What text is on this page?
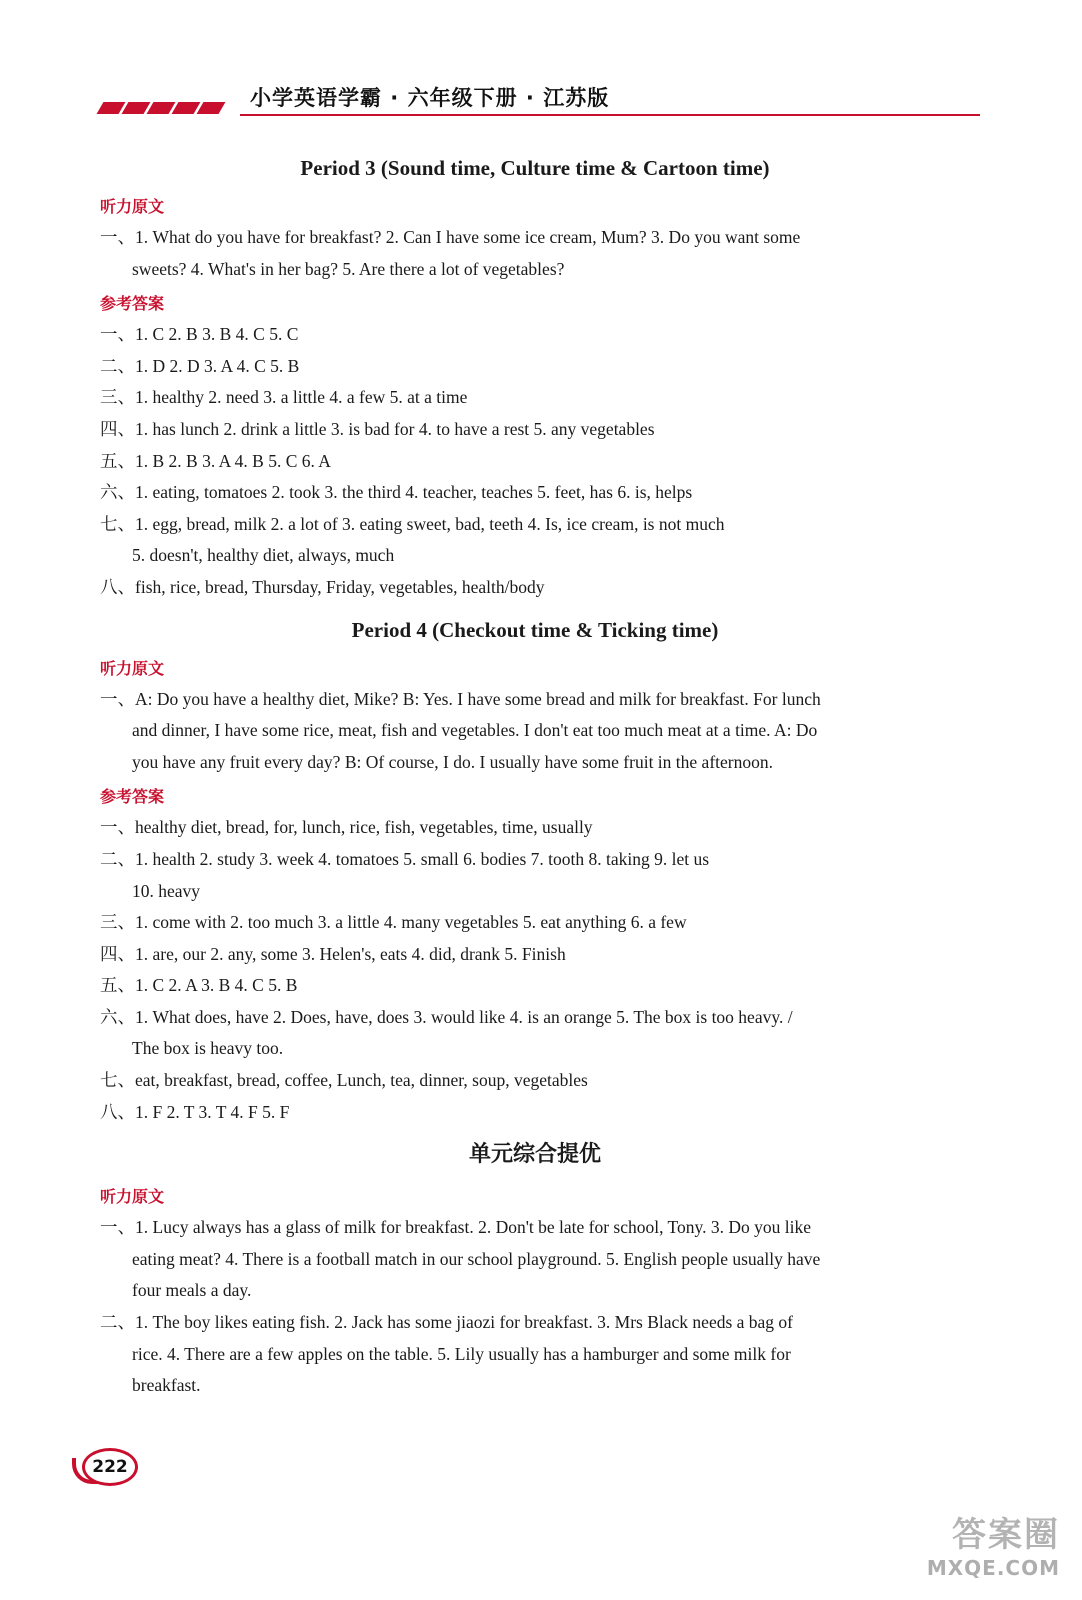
小学英语学霸 · 六年级下册 · 江苏版
Period 3 (Sound time, Culture time & Cartoon time)
听力原文
一、1. What do you have for breakfast? 2. Can I have some ice cream, Mum? 3. Do you want some
sweets? 4. What's in her bag? 5. Are there a lot of vegetables?
参考答案
一、1. C 2. B 3. B 4. C 5. C
二、1. D 2. D 3. A 4. C 5. B
三、1. healthy 2. need 3. a little 4. a few 5. at a time
四、1. has lunch 2. drink a little 3. is bad for 4. to have a rest 5. any vegetables
五、1. B 2. B 3. A 4. B 5. C 6. A
六、1. eating, tomatoes 2. took 3. the third 4. teacher, teaches 5. feet, has 6. is, helps
七、1. egg, bread, milk 2. a lot of 3. eating sweet, bad, teeth 4. Is, ice cream, is not much
5. doesn't, healthy diet, always, much
八、fish, rice, bread, Thursday, Friday, vegetables, health/body
Period 4 (Checkout time & Ticking time)
听力原文
一、A: Do you have a healthy diet, Mike? B: Yes. I have some bread and milk for breakfast. For lunch
and dinner, I have some rice, meat, fish and vegetables. I don't eat too much meat at a time. A: Do
you have any fruit every day? B: Of course, I do. I usually have some fruit in the afternoon.
参考答案
一、healthy diet, bread, for, lunch, rice, fish, vegetables, time, usually
二、1. health 2. study 3. week 4. tomatoes 5. small 6. bodies 7. tooth 8. taking 9. let us
10. heavy
三、1. come with 2. too much 3. a little 4. many vegetables 5. eat anything 6. a few
四、1. are, our 2. any, some 3. Helen's, eats 4. did, drank 5. Finish
五、1. C 2. A 3. B 4. C 5. B
六、1. What does, have 2. Does, have, does 3. would like 4. is an orange 5. The box is too heavy. /
The box is heavy too.
七、eat, breakfast, bread, coffee, Lunch, tea, dinner, soup, vegetables
八、1. F 2. T 3. T 4. F 5. F
单元综合提优
听力原文
一、1. Lucy always has a glass of milk for breakfast. 2. Don't be late for school, Tony. 3. Do you like
eating meat? 4. There is a football match in our school playground. 5. English people usually have
four meals a day.
二、1. The boy likes eating fish. 2. Jack has some jiaozi for breakfast. 3. Mrs Black needs a bag of
rice. 4. There are a few apples on the table. 5. Lily usually has a hamburger and some milk for
breakfast.
222
答案圈
MXQE.COM
